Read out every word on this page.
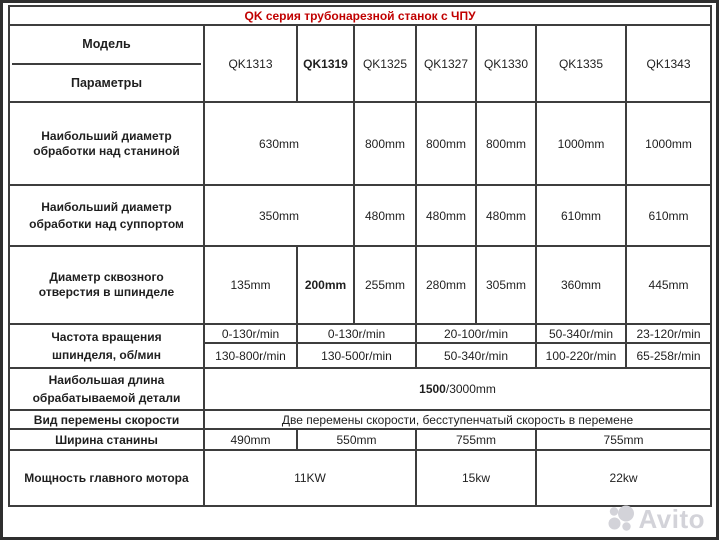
QK серия трубонарезной станок с ЧПУ							

Модель
Параметры	QK1313	QK1319	QK1325	QK1327	QK1330	QK1335	QK1343

Наибольший диаметр
обработки над станиной	630mm		800mm	800mm	800mm	1000mm	1000mm

Наибольший диаметр
обработки над суппортом	350mm		480mm	480mm	480mm	610mm	610mm

Диаметр сквозного
отверстия в шпинделе	135mm	200mm	255mm	280mm	305mm	360mm	445mm

Частота вращения
шпинделя, об/мин	0-130r/min	0-130r/min		20-100r/min		50-340r/min	23-120r/min
	130-800r/min	130-500r/min		50-340r/min		100-220r/min	65-258r/min

Наибольшая длина
обрабатываемой детали	1500/3000mm						
Вид перемены скорости	Две перемены скорости, бесступенчатый скорость в перемене						
Ширина станины	490mm	550mm		755mm		755mm	
Мощность главного мотора	11KW			15kw		22kw	
Avito
